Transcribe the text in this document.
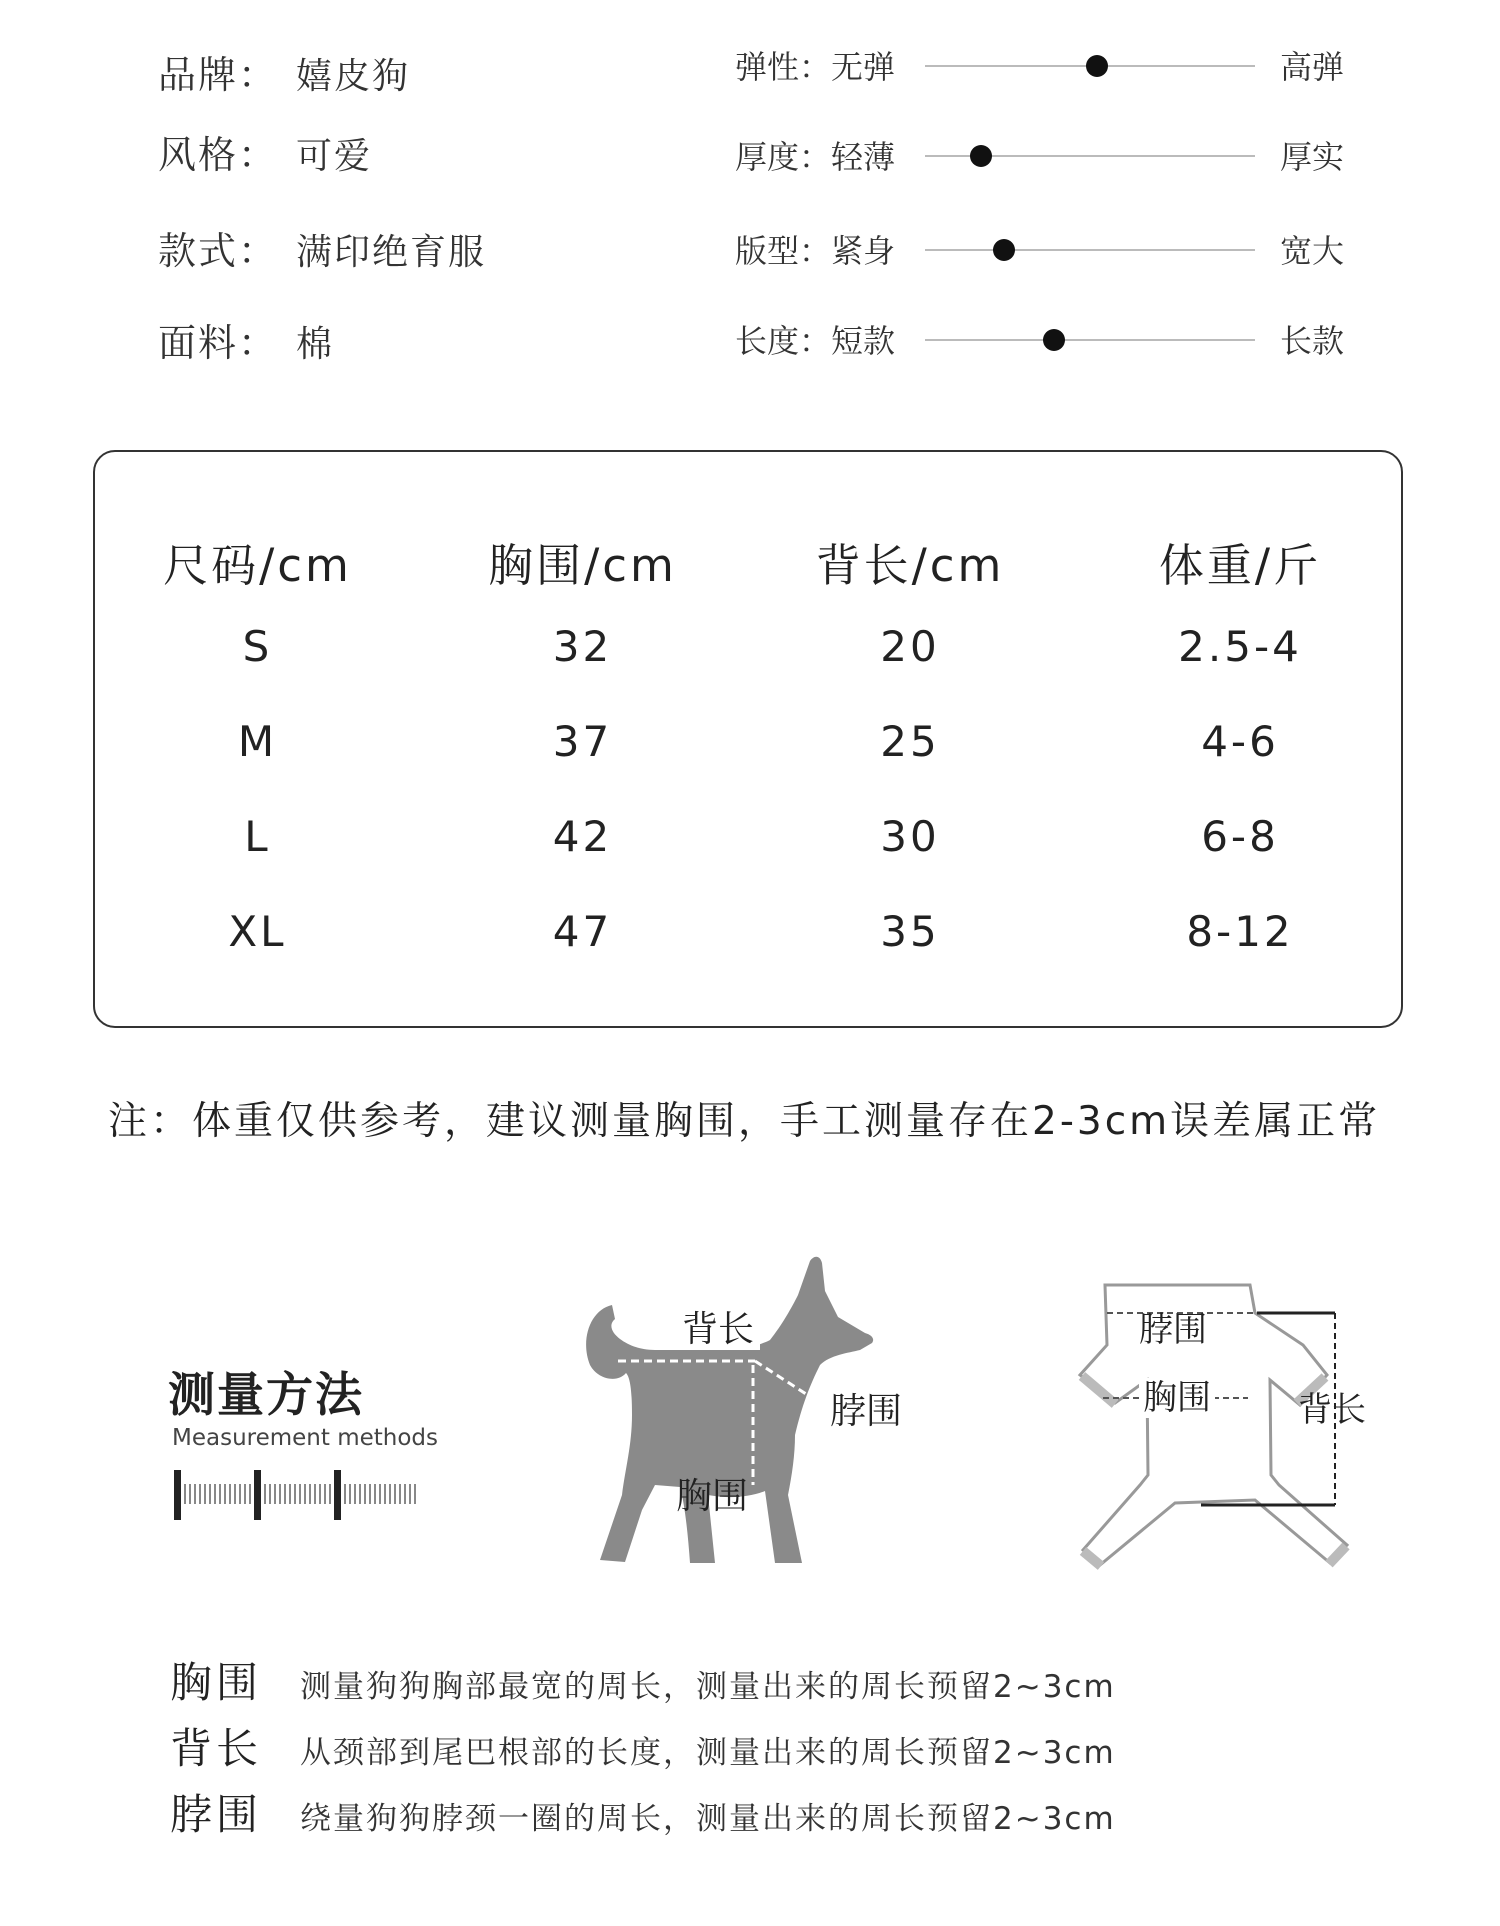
品牌： 嬉皮狗
风格： 可爱
款式： 满印绝育服
面料： 棉
弹性：无弹	高弹
厚度：轻薄	厚实
版型：紧身	宽大
长度：短款	长款
尺码/cm	胸围/cm	背长/cm	体重/斤
S	32	20	2.5-4
M	37	25	4-6
L	42	30	6-8
XL	47	35	8-12
注：体重仅供参考，建议测量胸围，手工测量存在2-3cm误差属正常
测量方法
Measurement methods
背长
脖围
胸围
脖围
胸围	背长
胸围 测量狗狗胸部最宽的周长，测量出来的周长预留2~3cm
背长 从颈部到尾巴根部的长度，测量出来的周长预留2~3cm
脖围 绕量狗狗脖颈一圈的周长，测量出来的周长预留2~3cm
